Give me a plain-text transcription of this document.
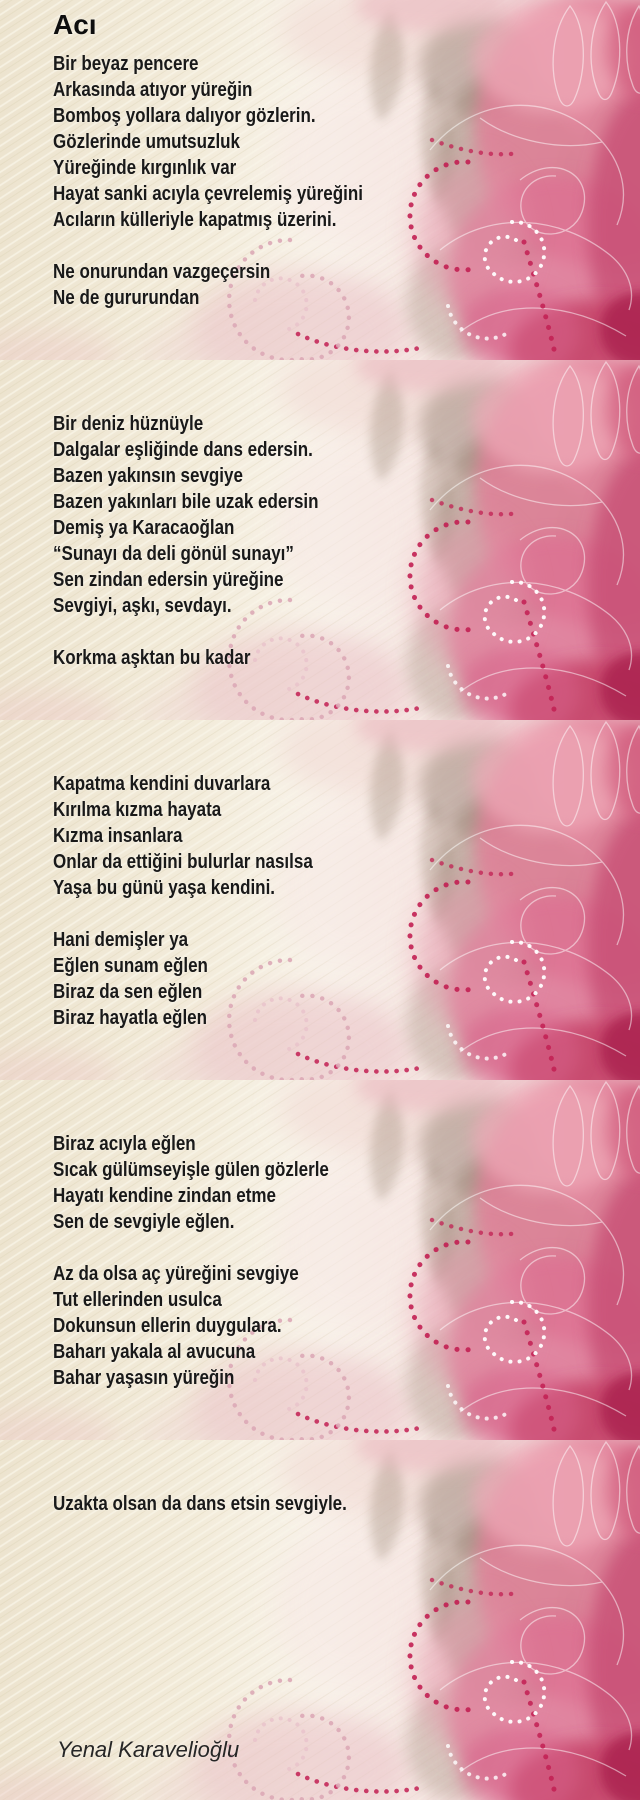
Acı
Bir beyaz pencere
Arkasında atıyor yüreğin
Bomboş yollara dalıyor gözlerin.
Gözlerinde umutsuzluk
Yüreğinde kırgınlık var
Hayat sanki acıyla çevrelemiş yüreğini
Acıların külleriyle kapatmış üzerini.
Ne onurundan vazgeçersin
Ne de gururundan
Bir deniz hüznüyle
Dalgalar eşliğinde dans edersin.
Bazen yakınsın sevgiye
Bazen yakınları bile uzak edersin
Demiş ya Karacaoğlan
“Sunayı da deli gönül sunayı”
Sen zindan edersin yüreğine
Sevgiyi, aşkı, sevdayı.
Korkma aşktan bu kadar
Kapatma kendini duvarlara
Kırılma kızma hayata
Kızma insanlara
Onlar da ettiğini bulurlar nasılsa
Yaşa bu günü yaşa kendini.
Hani demişler ya
Eğlen sunam eğlen
Biraz da sen eğlen
Biraz hayatla eğlen
Biraz acıyla eğlen
Sıcak gülümseyişle gülen gözlerle
Hayatı kendine zindan etme
Sen de sevgiyle eğlen.
Az da olsa aç yüreğini sevgiye
Tut ellerinden usulca
Dokunsun ellerin duygulara.
Baharı yakala al avucuna
Bahar yaşasın yüreğin
Uzakta olsan da dans etsin sevgiyle.
Yenal Karavelioğlu
